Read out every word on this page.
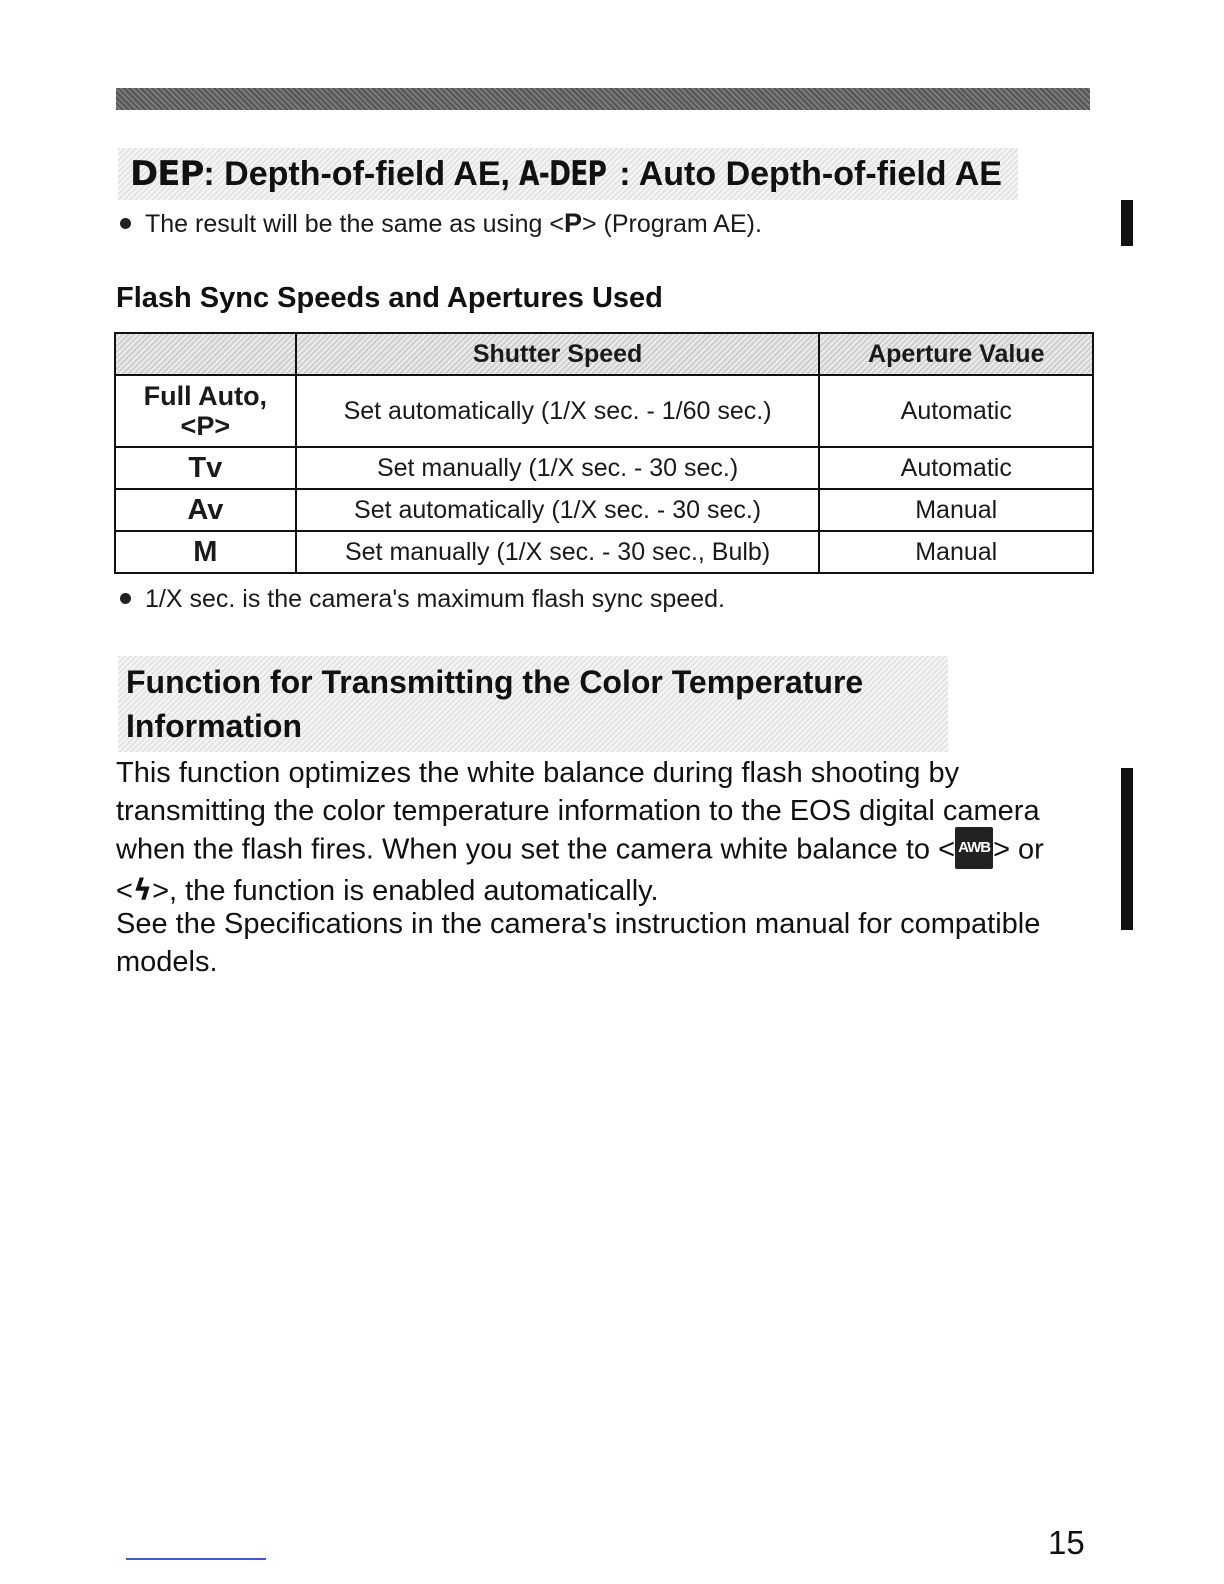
DEP: Depth-of-field AE, A-DEP : Auto Depth-of-field AE
The result will be the same as using <P> (Program AE).
Flash Sync Speeds and Apertures Used
	Shutter Speed	Aperture Value

Full Auto,
<P>	Set automatically (1/X sec. - 1/60 sec.)	Automatic
Tv	Set manually (1/X sec. - 30 sec.)	Automatic
Av	Set automatically (1/X sec. - 30 sec.)	Manual
M	Set manually (1/X sec. - 30 sec., Bulb)	Manual
1/X sec. is the camera's maximum flash sync speed.
Function for Transmitting the Color Temperature
Information
This function optimizes the white balance during flash shooting by transmitting the color temperature information to the EOS digital camera when the flash fires. When you set the camera white balance to < AWB > or <ϟ>, the function is enabled automatically.
See the Specifications in the camera's instruction manual for compatible models.
15
